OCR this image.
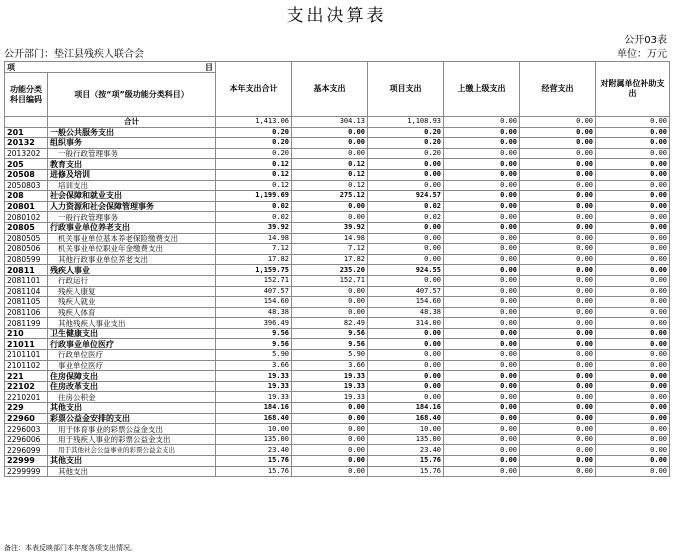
支出决算表
公开03表
公开部门：垫江县残疾人联合会	单位：万元
项	目	本年支出合计	基本支出	项目支出	上缴上级支出	经营支出	对附属单位补助支出
功能分类科目编码	项目（按“项”级功能分类科目）						
	合计	1,413.06	304.13	1,108.93	0.00	0.00	0.00
201	一般公共服务支出	0.20	0.00	0.20	0.00	0.00	0.00
20132	组织事务	0.20	0.00	0.20	0.00	0.00	0.00
2013202	一般行政管理事务	0.20	0.00	0.20	0.00	0.00	0.00
205	教育支出	0.12	0.12	0.00	0.00	0.00	0.00
20508	进修及培训	0.12	0.12	0.00	0.00	0.00	0.00
2050803	培训支出	0.12	0.12	0.00	0.00	0.00	0.00
208	社会保障和就业支出	1,199.69	275.12	924.57	0.00	0.00	0.00
20801	人力资源和社会保障管理事务	0.02	0.00	0.02	0.00	0.00	0.00
2080102	一般行政管理事务	0.02	0.00	0.02	0.00	0.00	0.00
20805	行政事业单位养老支出	39.92	39.92	0.00	0.00	0.00	0.00
2080505	机关事业单位基本养老保险缴费支出	14.98	14.98	0.00	0.00	0.00	0.00
2080506	机关事业单位职业年金缴费支出	7.12	7.12	0.00	0.00	0.00	0.00
2080599	其他行政事业单位养老支出	17.82	17.82	0.00	0.00	0.00	0.00
20811	残疾人事业	1,159.75	235.20	924.55	0.00	0.00	0.00
2081101	行政运行	152.71	152.71	0.00	0.00	0.00	0.00
2081104	残疾人康复	407.57	0.00	407.57	0.00	0.00	0.00
2081105	残疾人就业	154.60	0.00	154.60	0.00	0.00	0.00
2081106	残疾人体育	48.38	0.00	48.38	0.00	0.00	0.00
2081199	其他残疾人事业支出	396.49	82.49	314.00	0.00	0.00	0.00
210	卫生健康支出	9.56	9.56	0.00	0.00	0.00	0.00
21011	行政事业单位医疗	9.56	9.56	0.00	0.00	0.00	0.00
2101101	行政单位医疗	5.90	5.90	0.00	0.00	0.00	0.00
2101102	事业单位医疗	3.66	3.66	0.00	0.00	0.00	0.00
221	住房保障支出	19.33	19.33	0.00	0.00	0.00	0.00
22102	住房改革支出	19.33	19.33	0.00	0.00	0.00	0.00
2210201	住房公积金	19.33	19.33	0.00	0.00	0.00	0.00
229	其他支出	184.16	0.00	184.16	0.00	0.00	0.00
22960	彩票公益金安排的支出	168.40	0.00	168.40	0.00	0.00	0.00
2296003	用于体育事业的彩票公益金支出	10.00	0.00	10.00	0.00	0.00	0.00
2296006	用于残疾人事业的彩票公益金支出	135.00	0.00	135.00	0.00	0.00	0.00
2296099	用于其他社会公益事业的彩票公益金支出	23.40	0.00	23.40	0.00	0.00	0.00
22999	其他支出	15.76	0.00	15.76	0.00	0.00	0.00
2299999	其他支出	15.76	0.00	15.76	0.00	0.00	0.00
备注：本表反映部门本年度各项支出情况。
